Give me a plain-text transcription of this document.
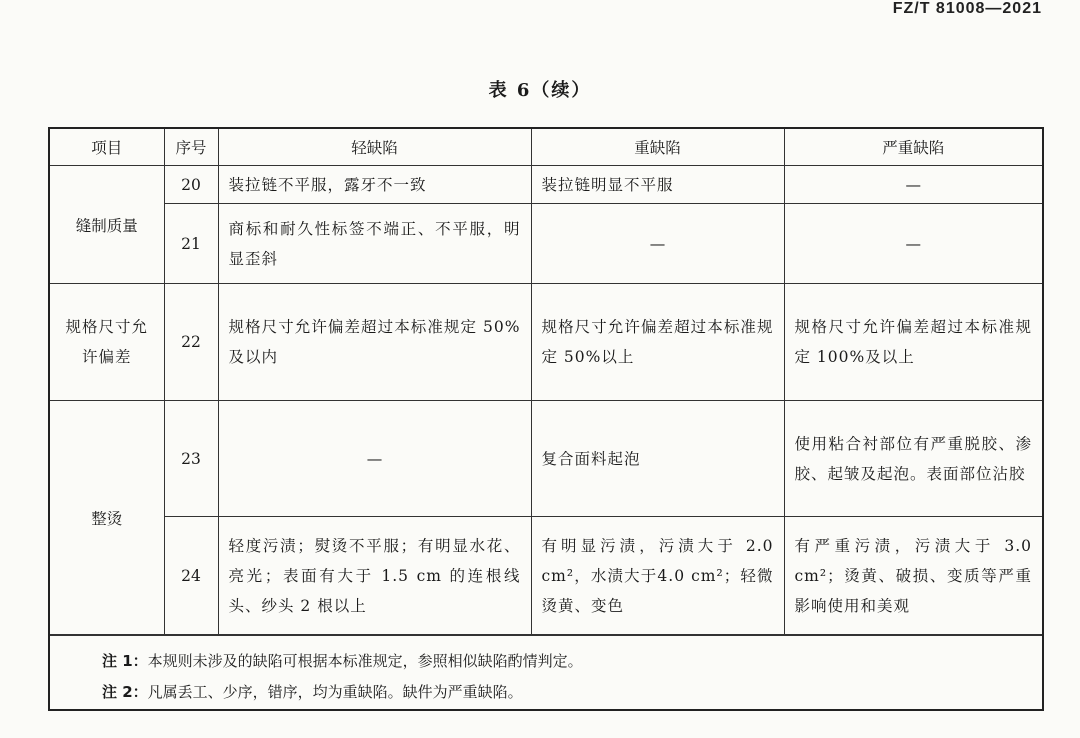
FZ/T 81008—2021
表 6（续）
项目	序号	轻缺陷	重缺陷	严重缺陷
缝制质量	20	装拉链不平服，露牙不一致	装拉链明显不平服	—
	21	商标和耐久性标签不端正、不平服，明显歪斜	—	—
规格尺寸允许偏差	22	规格尺寸允许偏差超过本标准规定 50%及以内	规格尺寸允许偏差超过本标准规定 50%以上	规格尺寸允许偏差超过本标准规定 100%及以上
整烫	23	—	复合面料起泡	使用粘合衬部位有严重脱胶、渗胶、起皱及起泡。表面部位沾胶
	24	轻度污渍；熨烫不平服；有明显水花、亮光；表面有大于 1.5 cm 的连根线头、纱头 2 根以上	有明显污渍，污渍大于 2.0 cm²，水渍大于4.0 cm²；轻微烫黄、变色	有严重污渍，污渍大于 3.0 cm²；烫黄、破损、变质等严重影响使用和美观
注 1：本规则未涉及的缺陷可根据本标准规定，参照相似缺陷酌情判定。
注 2：凡属丢工、少序，错序，均为重缺陷。缺件为严重缺陷。
